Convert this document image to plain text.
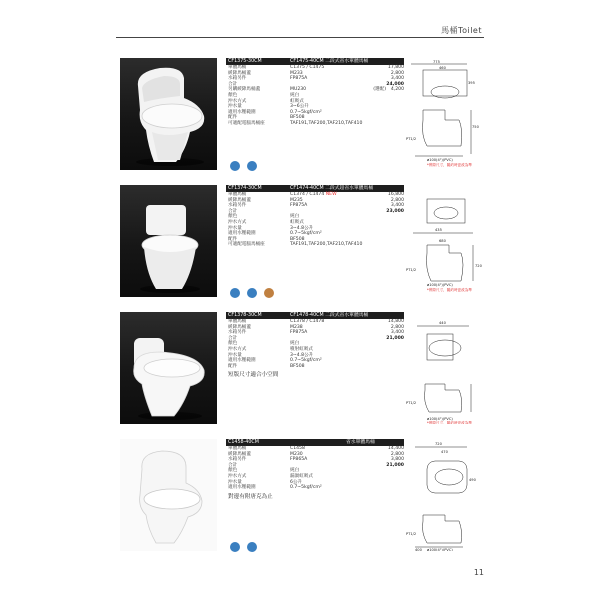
馬桶Toilet
CF1375-30CM	CF1475-40CM 二段式省水單體馬桶
單體馬桶	C1375 / C1475	17,800
緩降馬桶蓋	M233	2,800
水箱另件	FP875A	3,400
合計	24,000
另購緩降馬桶蓋	MU230	(選配) 4,200
顏色	純白
沖水方式	虹吸式
沖水量	3~6公升
適用水壓範圍	0.7~5kgf/cm²
配件	BF508
可適配電腦馬桶座	TAF191,TAF200,TAF210,TAF410
775
460
395
750
PT1/2
ø100(4")(PVC)
*實際尺寸，隨約時更改為準
CF1374-30CM	CF1474-40CM 二段式超省水單體馬桶
單體馬桶	C1374 / C1474 NEW	16,800
緩降馬桶蓋	M235	2,800
水箱另件	FP875A	3,400
合計	23,000
顏色	純白
沖水方式	虹吸式
沖水量	3~4.8公升
適用水壓範圍	0.7~5kgf/cm²
配件	BF508
可適配電腦馬桶座	TAF191,TAF200,TAF210,TAF410
435
680
720
PT1/2
ø100(4")(PVC)
*實際尺寸，隨約時更改為準
CF1378-30CM	CF1478-40CM 二段式省水單體馬桶
單體馬桶	C1378 / C1478	14,800
緩降馬桶蓋	M238	2,800
水箱另件	FP875A	3,400
合計	21,000
顏色	純白
沖水方式	噴射虹吸式
沖水量	3~4.8公升
適用水壓範圍	0.7~5kgf/cm²
配件	BF508
短版尺寸適合小空間
440
PT1/2
ø100(4")(PVC)
*實際尺寸，隨約時更改為準
C1458-40CM	省水單體馬桶
單體馬桶	C1458	14,400
緩降馬桶蓋	M230	2,800
水箱另件	FP865A	3,800
合計	21,000
顏色	純白
沖水方式	漏渦虹吸式
沖水量	6公升
適用水壓範圍	0.7~5kgf/cm²
對邊有附唐克為止
720
470
490
PT1/2
400 ø100(4")(PVC)
11
